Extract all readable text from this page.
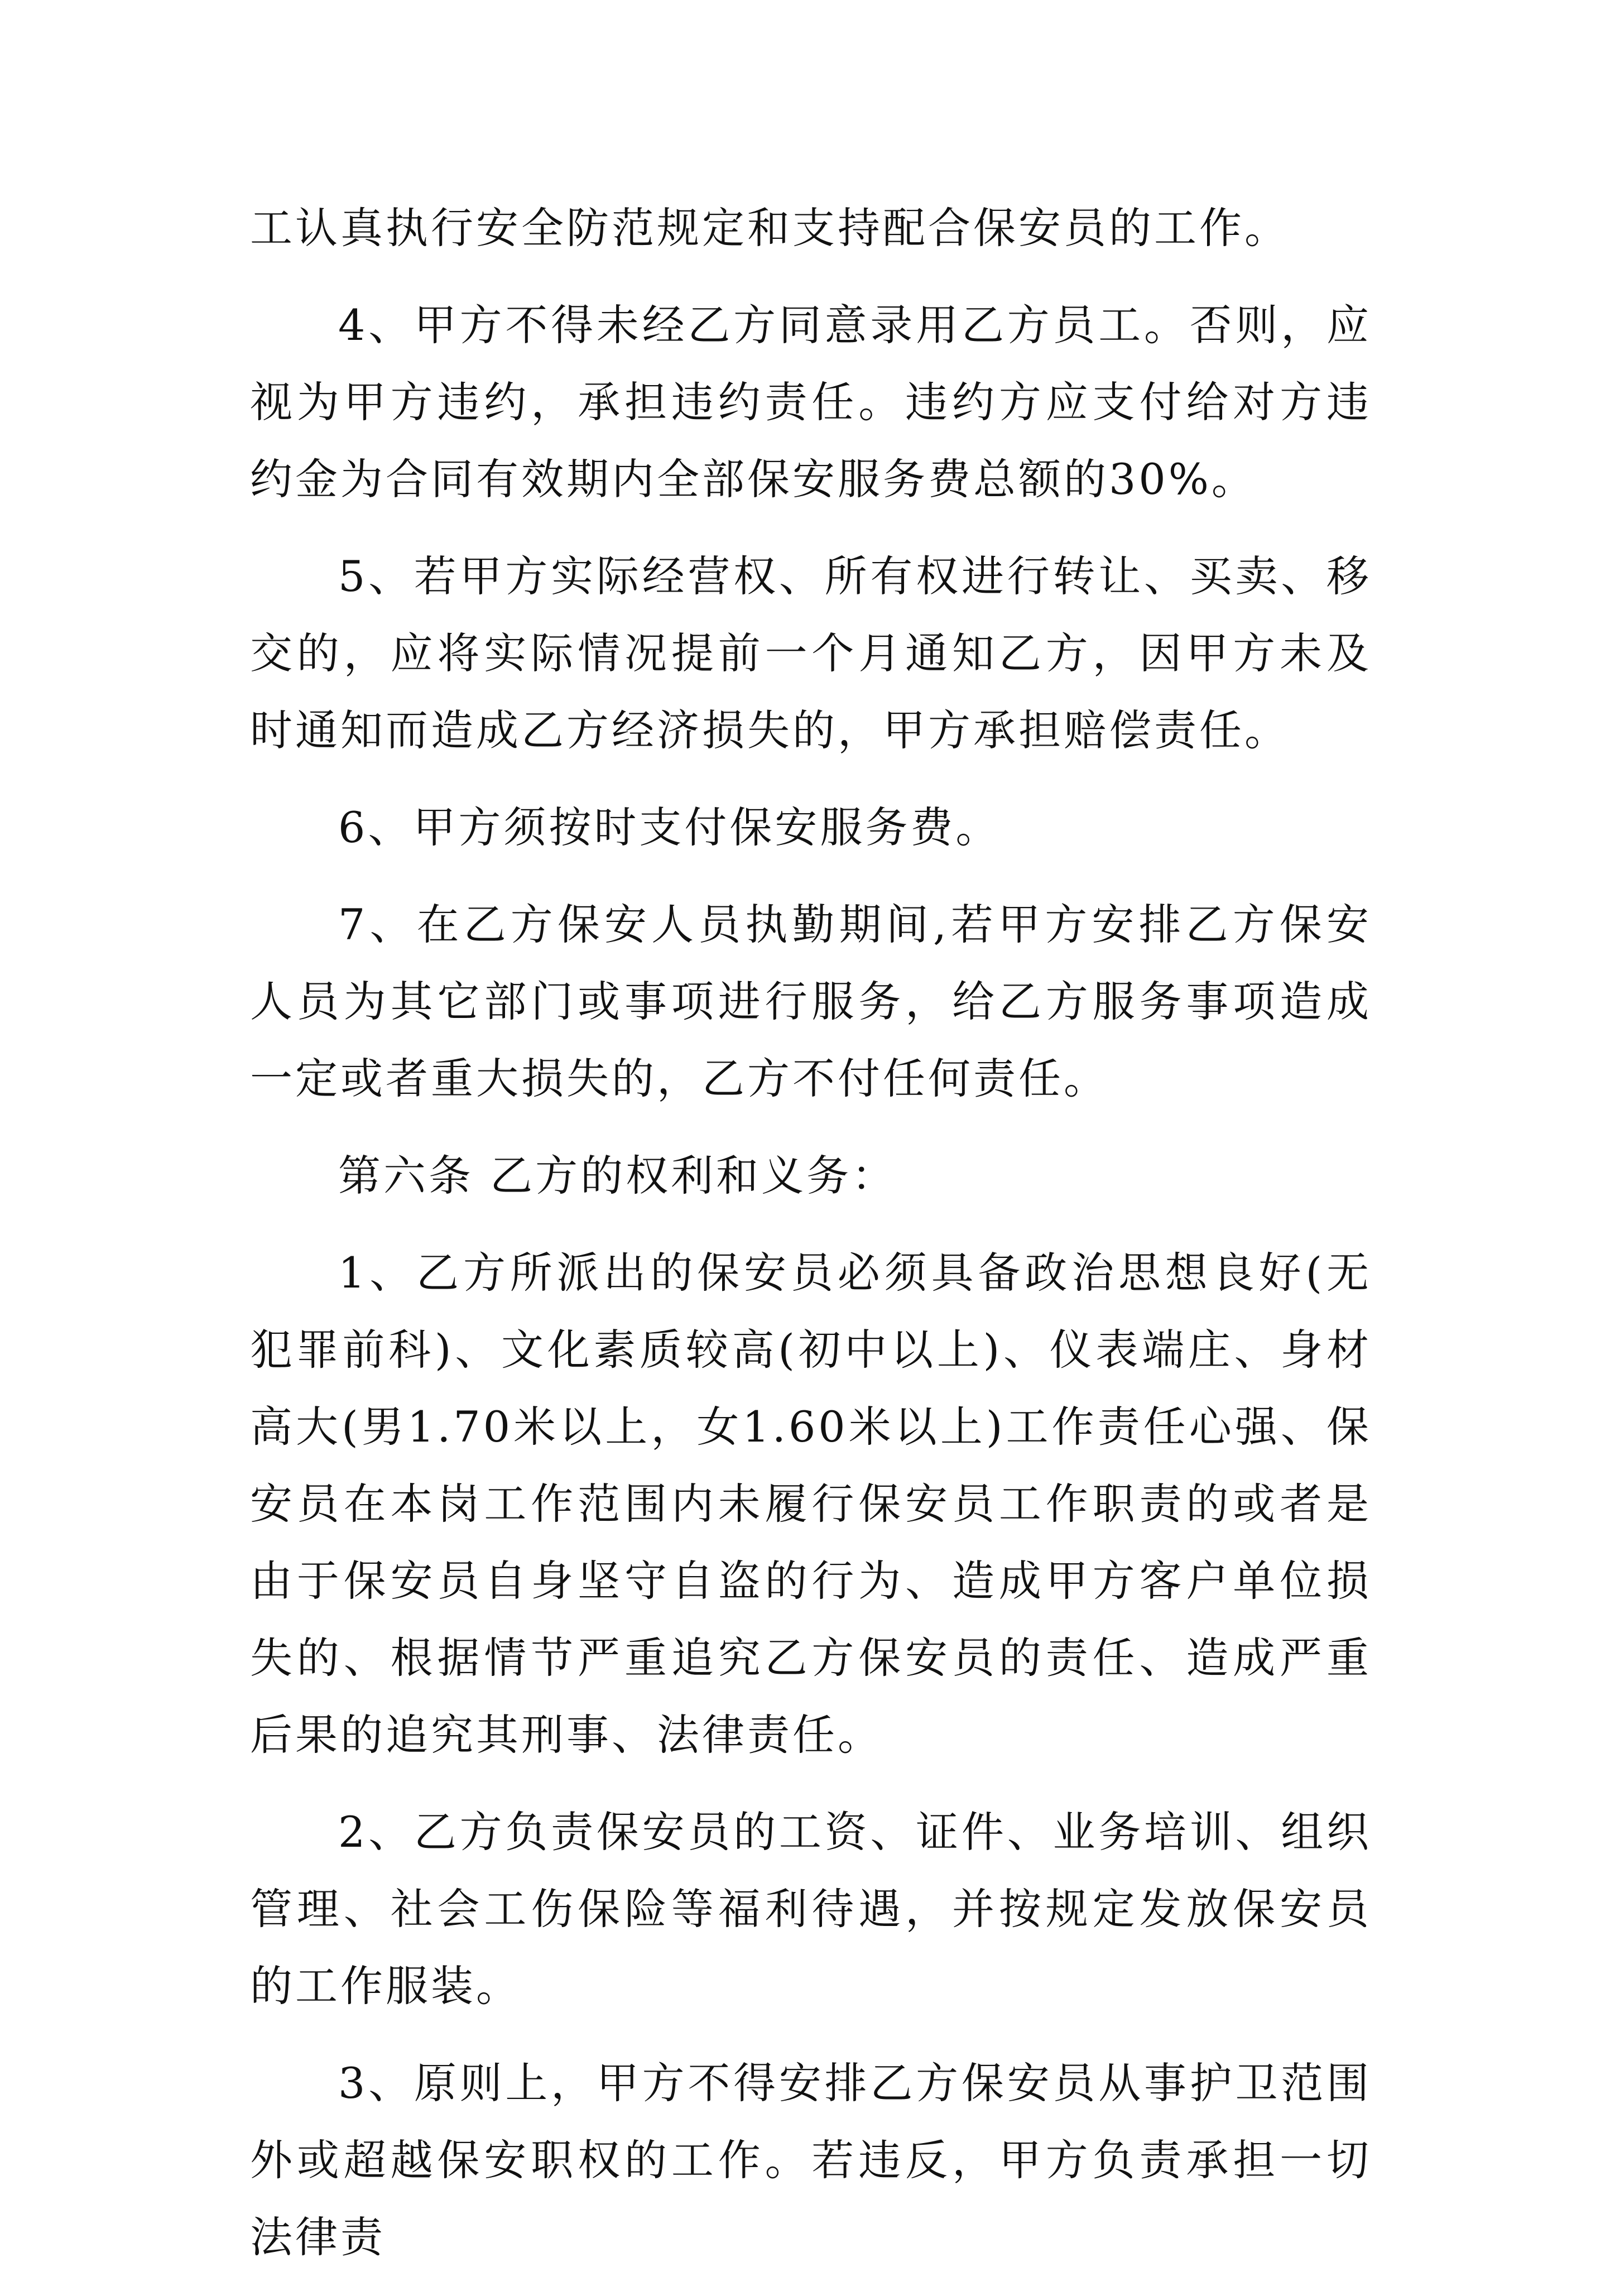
工认真执行安全防范规定和支持配合保安员的工作。

4、甲方不得未经乙方同意录用乙方员工。否则，应视为甲方违约，承担违约责任。违约方应支付给对方违约金为合同有效期内全部保安服务费总额的30%。

5、若甲方实际经营权、所有权进行转让、买卖、移交的，应将实际情况提前一个月通知乙方，因甲方未及时通知而造成乙方经济损失的，甲方承担赔偿责任。

6、甲方须按时支付保安服务费。

7、在乙方保安人员执勤期间,若甲方安排乙方保安人员为其它部门或事项进行服务，给乙方服务事项造成一定或者重大损失的，乙方不付任何责任。

第六条 乙方的权利和义务：

1、乙方所派出的保安员必须具备政治思想良好(无犯罪前科)、文化素质较高(初中以上)、仪表端庄、身材高大(男1.70米以上，女1.60米以上)工作责任心强、保安员在本岗工作范围内未履行保安员工作职责的或者是由于保安员自身坚守自盗的行为、造成甲方客户单位损失的、根据情节严重追究乙方保安员的责任、造成严重后果的追究其刑事、法律责任。

2、乙方负责保安员的工资、证件、业务培训、组织管理、社会工伤保险等福利待遇，并按规定发放保安员的工作服装。

3、原则上，甲方不得安排乙方保安员从事护卫范围外或超越保安职权的工作。若违反，甲方负责承担一切法律责
